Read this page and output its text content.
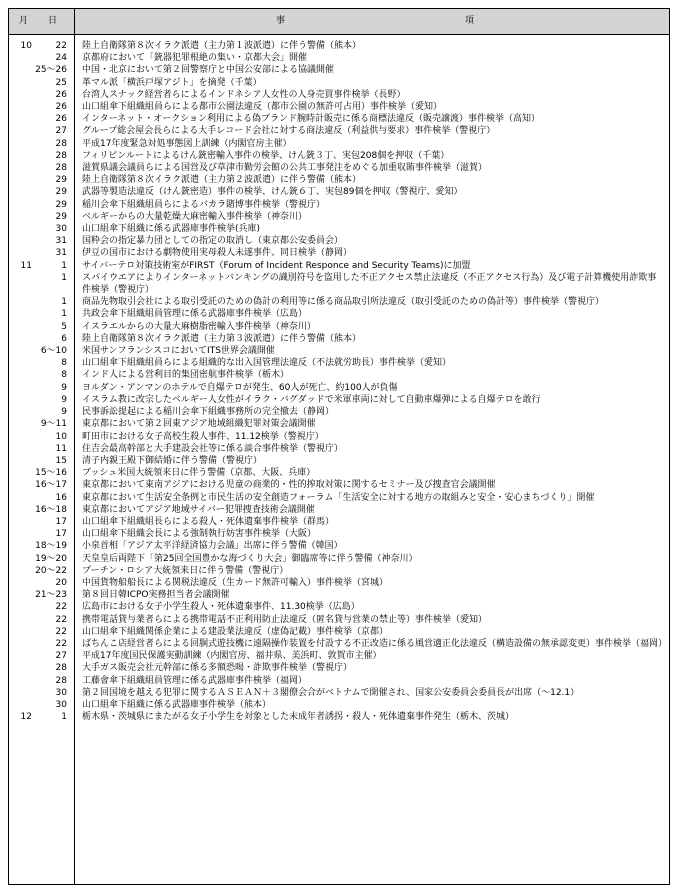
月 日	事	項
10	22 陸上自衛隊第８次イラク派遣（主力第１波派遣）に伴う警備（熊本）
24 京都府において「銃器犯罪根絶の集い・京都大会」開催
25～26 中国・北京において第２回警察庁と中国公安部による協議開催
25 革マル派「横浜戸塚アジト」を摘発（千葉）
26 台湾人スナック経営者らによるインドネシア人女性の人身売買事件検挙（長野）
26 山口組傘下組織組員らによる都市公園法違反（都市公園の無許可占用）事件検挙（愛知）
26 インターネット・オークション利用による偽ブランド腕時計販売に係る商標法違反（販売譲渡）事件検挙（高知）
27 グループ総会屋会長らによる大手レコード会社に対する商法違反（利益供与要求）事件検挙（警視庁）
28 平成17年度緊急対処事態図上訓練（内閣官房主催）
28 フィリピンルートによるけん銃密輸入事件の検挙、けん銃３丁、実包208個を押収（千葉）
28 滋賀県議会議員らによる国営及び草津市勤労会館の公共工事発注をめぐる加重収賄事件検挙（滋賀）
29 陸上自衛隊第８次イラク派遣（主力第２波派遣）に伴う警備（熊本）
29 武器等製造法違反（けん銃密造）事件の検挙、けん銃６丁、実包89個を押収（警視庁、愛知）
29 稲川会傘下組織組員らによるバカラ賭博事件検挙（警視庁）
29 ベルギーからの大量乾燥大麻密輸入事件検挙（神奈川）
30 山口組傘下組織に係る武器庫事件検挙(兵庫)
31 国粋会の指定暴力団としての指定の取消し（東京都公安委員会）
31 伊豆の国市における劇物使用実母殺人未遂事件、同日検挙（静岡）
11	1 サイバーテロ対策技術室がFIRST（Forum of Incident Responce and Security Teams)に加盟
1 スパイウエアによりインターネットバンキングの識別符号を盗用した不正アクセス禁止法違反（不正アクセス行為）及び電子計算機使用詐欺事件検挙（警視庁）
1 商品先物取引会社による取引受託のための偽計の利用等に係る商品取引所法違反（取引受託のための偽計等）事件検挙（警視庁）
1 共政会傘下組織組員管理に係る武器庫事件検挙（広島）
5 イスラエルからの大量大麻樹脂密輸入事件検挙（神奈川）
6 陸上自衛隊第８次イラク派遣（主力第３波派遣）に伴う警備（熊本）
6～10 米国サンフランシスコにおいてITS世界会議開催
8 山口組傘下組織組員らによる組織的な出入国管理法違反（不法就労助長）事件検挙（愛知）
8 インド人による営利目的集団密航事件検挙（栃木）
9 ヨルダン・アンマンのホテルで自爆テロが発生、60人が死亡、約100人が負傷
9 イスラム教に改宗したベルギー人女性がイラク・バグダッドで米軍車両に対して自動車爆弾による自爆テロを敢行
9 民事訴訟提起による稲川会傘下組織事務所の完全撤去（静岡）
9～11 東京都において第２回東アジア地域組織犯罪対策会議開催
10 町田市における女子高校生殺人事件、11.12検挙（警視庁）
11 住吉会最高幹部と大手建設会社等に係る談合事件検挙（警視庁）
15 清子内親王殿下御結婚に伴う警備（警視庁）
15～16 ブッシュ米国大統領来日に伴う警備（京都、大阪、兵庫）
16～17 東京都において東南アジアにおける児童の商業的・性的搾取対策に関するセミナー及び捜査官会議開催
16 東京都において生活安全条例と市民生活の安全創造フォーラム「生活安全に対する地方の取組みと安全・安心まちづくり」開催
16～18 東京都においてアジア地域サイバー犯罪捜査技術会議開催
17 山口組傘下組織組長らによる殺人・死体遺棄事件検挙（群馬）
17 山口組傘下組織会長による強制執行妨害事件検挙（大阪）
18～19 小泉首相「アジア太平洋経済協力会議」出席に伴う警備（韓国）
19～20 天皇皇后両陛下「第25回全国豊かな海づくり大会」御臨席等に伴う警備（神奈川）
20～22 プーチン・ロシア大統領来日に伴う警備（警視庁）
20 中国貨物船船長による関税法違反（生カード無許可輸入）事件検挙（宮城）
21～23 第８回日韓ICPO実務担当者会議開催
22 広島市における女子小学生殺人・死体遺棄事件、11.30検挙（広島）
22 携帯電話貸与業者らによる携帯電話不正利用防止法違反（匿名貸与営業の禁止等）事件検挙（愛知）
22 山口組傘下組織関係企業による建設業法違反（虚偽記載）事件検挙（京都）
22 ぱちんこ店経営者らによる回胴式遊技機に遠隔操作装置を付設する不正改造に係る風営適正化法違反（構造設備の無承認変更）事件検挙（福岡）
27 平成17年度国民保護実動訓練（内閣官房、福井県、美浜町、敦賀市主催）
28 大手ガス販売会社元幹部に係る多額恐喝・詐欺事件検挙（警視庁）
28 工藤會傘下組織組員管理に係る武器庫事件検挙（福岡）
30 第２回国境を越える犯罪に関するＡＳＥＡＮ＋３閣僚会合がベトナムで開催され、国家公安委員会委員長が出席（～12.1）
30 山口組傘下組織に係る武器庫事件検挙（熊本）
12	1 栃木県・茨城県にまたがる女子小学生を対象とした未成年者誘拐・殺人・死体遺棄事件発生（栃木、茨城）
